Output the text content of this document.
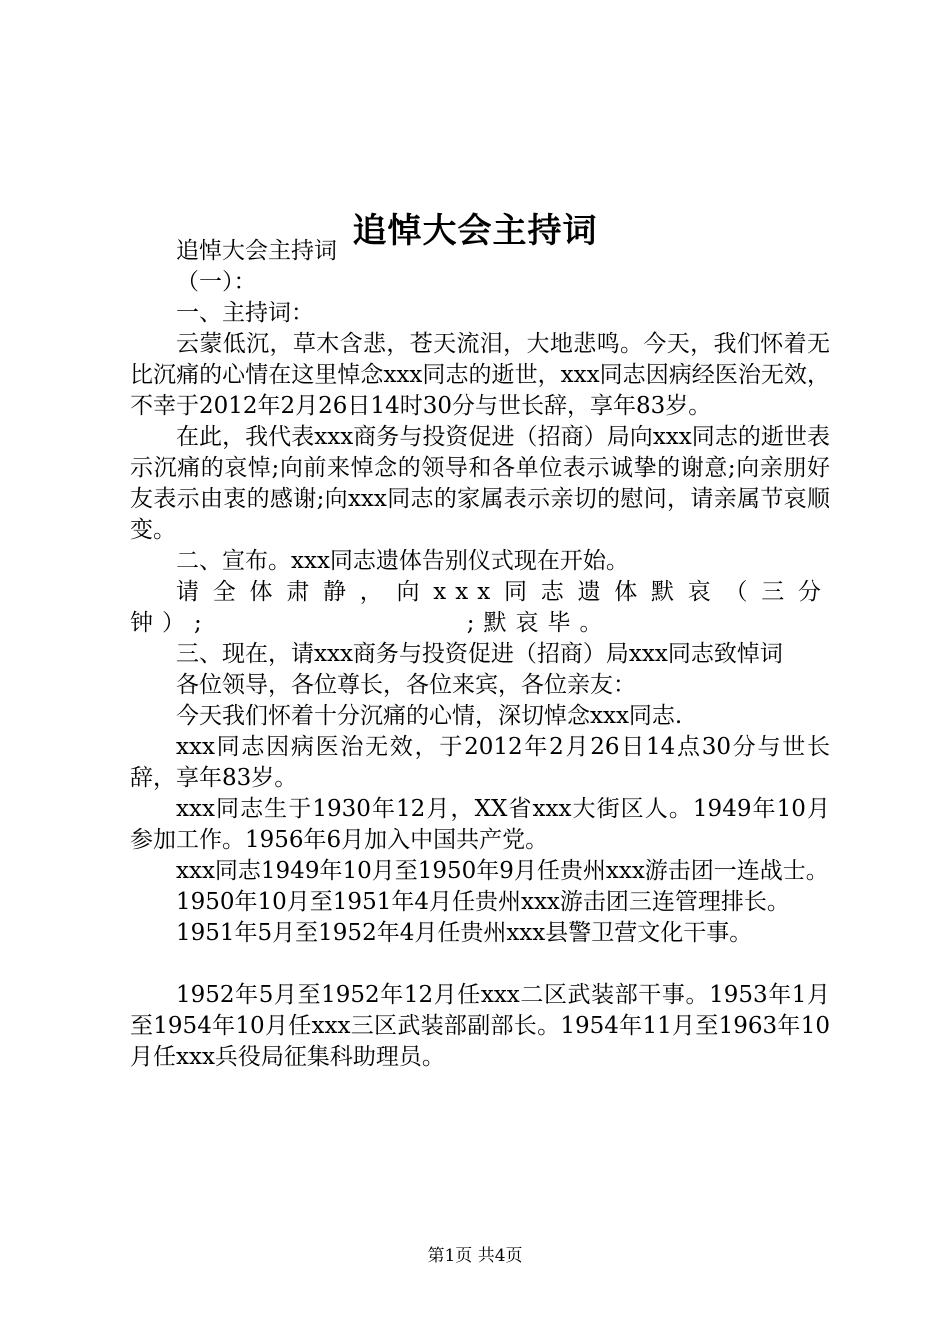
追悼大会主持词

追悼大会主持词

（一）：

一、主持词：

云蒙低沉，草木含悲，苍天流泪，大地悲鸣。今天，我们怀着无比沉痛的心情在这里悼念xxx同志的逝世，xxx同志因病经医治无效，不幸于2012年2月26日14时30分与世长辞，享年83岁。

在此，我代表xxx商务与投资促进（招商）局向xxx同志的逝世表示沉痛的哀悼;向前来悼念的领导和各单位表示诚挚的谢意;向亲朋好友表示由衷的感谢;向xxx同志的家属表示亲切的慰问，请亲属节哀顺变。

二、宣布。xxx同志遗体告别仪式现在开始。

请全体肃静，向xxx同志遗体默哀（三分钟）;　　　　　　　　;默哀毕。

三、现在，请xxx商务与投资促进（招商）局xxx同志致悼词

各位领导，各位尊长，各位来宾，各位亲友：

今天我们怀着十分沉痛的心情，深切悼念xxx同志.

xxx同志因病医治无效，于2012年2月26日14点30分与世长辞，享年83岁。

xxx同志生于1930年12月，XX省xxx大街区人。1949年10月参加工作。1956年6月加入中国共产党。

xxx同志1949年10月至1950年9月任贵州xxx游击团一连战士。

1950年10月至1951年4月任贵州xxx游击团三连管理排长。

1951年5月至1952年4月任贵州xxx县警卫营文化干事。

1952年5月至1952年12月任xxx二区武装部干事。1953年1月至1954年10月任xxx三区武装部副部长。1954年11月至1963年10月任xxx兵役局征集科助理员。

第1页 共4页
